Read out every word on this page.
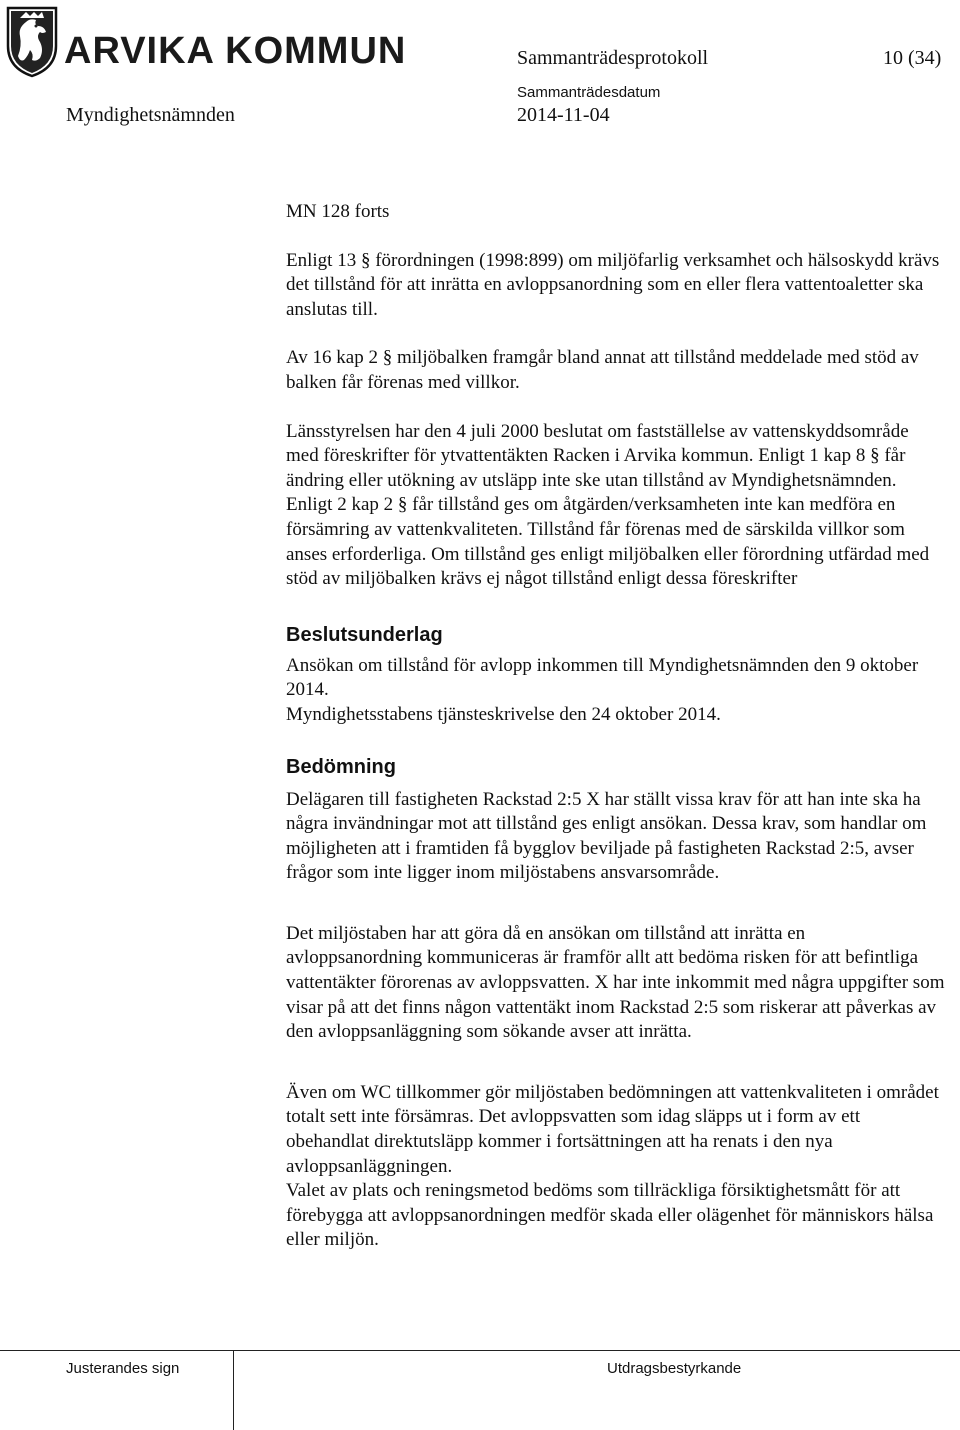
ARVIKA KOMMUN	Sammanträdesprotokoll	10 (34)
Myndighetsnämnden
Sammanträdesdatum
2014-11-04

MN 128 forts

Enligt 13 § förordningen (1998:899) om miljöfarlig verksamhet och hälsoskydd krävs det tillstånd för att inrätta en avloppsanordning som en eller flera vattentoaletter ska anslutas till.

Av 16 kap 2 § miljöbalken framgår bland annat att tillstånd meddelade med stöd av balken får förenas med villkor.

Länsstyrelsen har den 4 juli 2000 beslutat om fastställelse av vattenskyddsområde med föreskrifter för ytvattentäkten Racken i Arvika kommun. Enligt 1 kap 8 § får ändring eller utökning av utsläpp inte ske utan tillstånd av Myndighetsnämnden. Enligt 2 kap 2 § får tillstånd ges om åtgärden/verksamheten inte kan medföra en försämring av vattenkvaliteten. Tillstånd får förenas med de särskilda villkor som anses erforderliga. Om tillstånd ges enligt miljöbalken eller förordning utfärdad med stöd av miljöbalken krävs ej något tillstånd enligt dessa föreskrifter

Beslutsunderlag

Ansökan om tillstånd för avlopp inkommen till Myndighetsnämnden den 9 oktober 2014.

Myndighetsstabens tjänsteskrivelse den 24 oktober 2014.

Bedömning

Delägaren till fastigheten Rackstad 2:5 X har ställt vissa krav för att han inte ska ha några invändningar mot att tillstånd ges enligt ansökan. Dessa krav, som handlar om möjligheten att i framtiden få bygglov beviljade på fastigheten Rackstad 2:5, avser frågor som inte ligger inom miljöstabens ansvarsområde.

Det miljöstaben har att göra då en ansökan om tillstånd att inrätta en avloppsanordning kommuniceras är framför allt att bedöma risken för att befintliga vattentäkter förorenas av avloppsvatten. X har inte inkommit med några uppgifter som visar på att det finns någon vattentäkt inom Rackstad 2:5 som riskerar att påverkas av den avloppsanläggning som sökande avser att inrätta.

Även om WC tillkommer gör miljöstaben bedömningen att vattenkvaliteten i området totalt sett inte försämras. Det avloppsvatten som idag släpps ut i form av ett obehandlat direktutsläpp kommer i fortsättningen att ha renats i den nya avloppsanläggningen.

Valet av plats och reningsmetod bedöms som tillräckliga försiktighetsmått för att förebygga att avloppsanordningen medför skada eller olägenhet för människors hälsa eller miljön.

Justerandes sign	Utdragsbestyrkande
